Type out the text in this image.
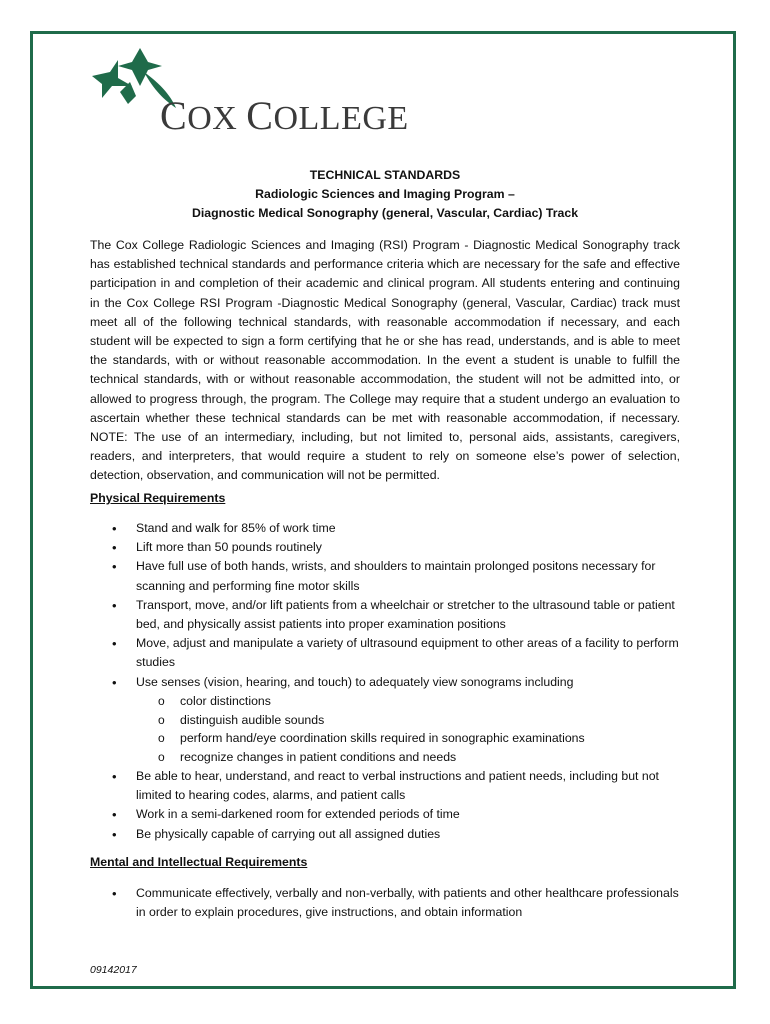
COX COLLEGE
TECHNICAL STANDARDS
Radiologic Sciences and Imaging Program –
Diagnostic Medical Sonography (general, Vascular, Cardiac) Track

The Cox College Radiologic Sciences and Imaging (RSI) Program - Diagnostic Medical Sonography track has established technical standards and performance criteria which are necessary for the safe and effective participation in and completion of their academic and clinical program. All students entering and continuing in the Cox College RSI Program -Diagnostic Medical Sonography (general, Vascular, Cardiac) track must meet all of the following technical standards, with reasonable accommodation if necessary, and each student will be expected to sign a form certifying that he or she has read, understands, and is able to meet the standards, with or without reasonable accommodation. In the event a student is unable to fulfill the technical standards, with or without reasonable accommodation, the student will not be admitted into, or allowed to progress through, the program. The College may require that a student undergo an evaluation to ascertain whether these technical standards can be met with reasonable accommodation, if necessary. NOTE: The use of an intermediary, including, but not limited to, personal aids, assistants, caregivers, readers, and interpreters, that would require a student to rely on someone else’s power of selection, detection, observation, and communication will not be permitted.

Physical Requirements

• Stand and walk for 85% of work time
• Lift more than 50 pounds routinely
• Have full use of both hands, wrists, and shoulders to maintain prolonged positons necessary for scanning and performing fine motor skills
• Transport, move, and/or lift patients from a wheelchair or stretcher to the ultrasound table or patient bed, and physically assist patients into proper examination positions
• Move, adjust and manipulate a variety of ultrasound equipment to other areas of a facility to perform studies
• Use senses (vision, hearing, and touch) to adequately view sonograms including
o color distinctions
o distinguish audible sounds
o perform hand/eye coordination skills required in sonographic examinations
o recognize changes in patient conditions and needs
• Be able to hear, understand, and react to verbal instructions and patient needs, including but not limited to hearing codes, alarms, and patient calls
• Work in a semi-darkened room for extended periods of time
• Be physically capable of carrying out all assigned duties

Mental and Intellectual Requirements

• Communicate effectively, verbally and non-verbally, with patients and other healthcare professionals in order to explain procedures, give instructions, and obtain information
09142017
